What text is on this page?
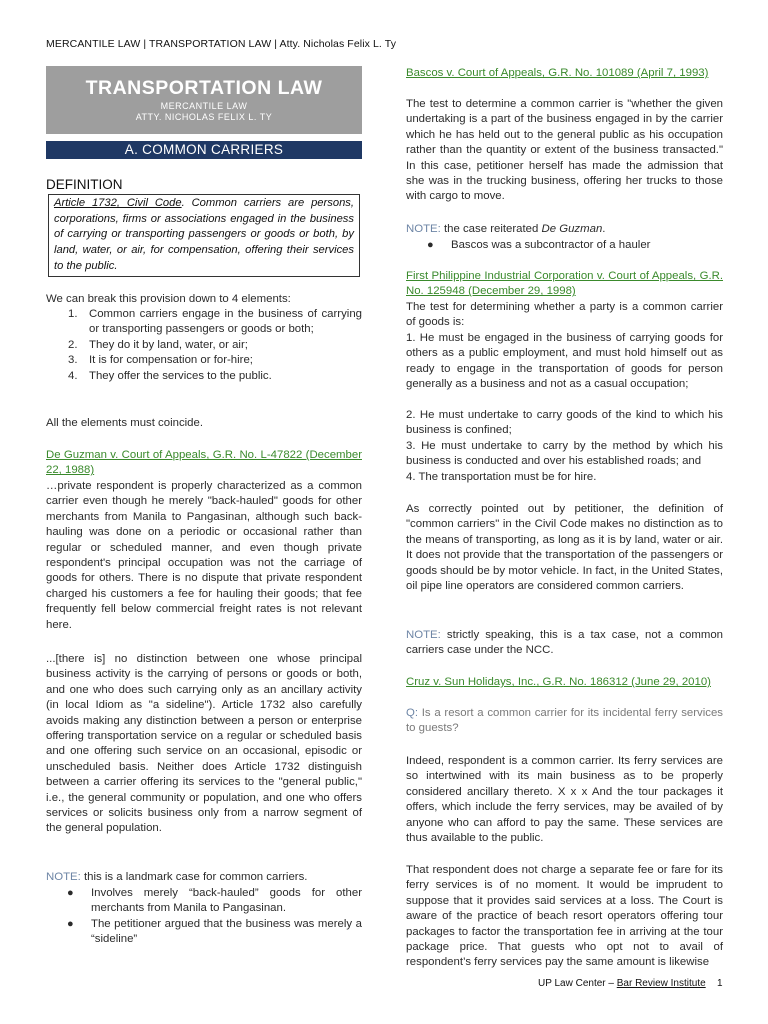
MERCANTILE LAW | TRANSPORTATION LAW | Atty. Nicholas Felix L. Ty
TRANSPORTATION LAW
MERCANTILE LAW
ATTY. NICHOLAS FELIX L. TY
A. COMMON CARRIERS
DEFINITION
Article 1732, Civil Code. Common carriers are persons, corporations, firms or associations engaged in the business of carrying or transporting passengers or goods or both, by land, water, or air, for compensation, offering their services to the public.
We can break this provision down to 4 elements:
1. Common carriers engage in the business of carrying or transporting passengers or goods or both;
2. They do it by land, water, or air;
3. It is for compensation or for-hire;
4. They offer the services to the public.
All the elements must coincide.
De Guzman v. Court of Appeals, G.R. No. L-47822 (December 22, 1988)
…private respondent is properly characterized as a common carrier even though he merely "back-hauled" goods for other merchants from Manila to Pangasinan, although such back-hauling was done on a periodic or occasional rather than regular or scheduled manner, and even though private respondent's principal occupation was not the carriage of goods for others. There is no dispute that private respondent charged his customers a fee for hauling their goods; that fee frequently fell below commercial freight rates is not relevant here.
...[there is] no distinction between one whose principal business activity is the carrying of persons or goods or both, and one who does such carrying only as an ancillary activity (in local Idiom as "a sideline"). Article 1732 also carefully avoids making any distinction between a person or enterprise offering transportation service on a regular or scheduled basis and one offering such service on an occasional, episodic or unscheduled basis. Neither does Article 1732 distinguish between a carrier offering its services to the "general public," i.e., the general community or population, and one who offers services or solicits business only from a narrow segment of the general population.
NOTE: this is a landmark case for common carriers.
● Involves merely “back-hauled” goods for other merchants from Manila to Pangasinan.
● The petitioner argued that the business was merely a “sideline”
Bascos v. Court of Appeals, G.R. No. 101089 (April 7, 1993)
The test to determine a common carrier is "whether the given undertaking is a part of the business engaged in by the carrier which he has held out to the general public as his occupation rather than the quantity or extent of the business transacted." In this case, petitioner herself has made the admission that she was in the trucking business, offering her trucks to those with cargo to move.
NOTE: the case reiterated De Guzman.
● Bascos was a subcontractor of a hauler
First Philippine Industrial Corporation v. Court of Appeals, G.R. No. 125948 (December 29, 1998)
The test for determining whether a party is a common carrier of goods is:
1. He must be engaged in the business of carrying goods for others as a public employment, and must hold himself out as ready to engage in the transportation of goods for person generally as a business and not as a casual occupation;
2. He must undertake to carry goods of the kind to which his business is confined;
3. He must undertake to carry by the method by which his business is conducted and over his established roads; and
4. The transportation must be for hire.
As correctly pointed out by petitioner, the definition of "common carriers" in the Civil Code makes no distinction as to the means of transporting, as long as it is by land, water or air. It does not provide that the transportation of the passengers or goods should be by motor vehicle. In fact, in the United States, oil pipe line operators are considered common carriers.
NOTE: strictly speaking, this is a tax case, not a common carriers case under the NCC.
Cruz v. Sun Holidays, Inc., G.R. No. 186312 (June 29, 2010)
Q: Is a resort a common carrier for its incidental ferry services to guests?
Indeed, respondent is a common carrier. Its ferry services are so intertwined with its main business as to be properly considered ancillary thereto. X x x And the tour packages it offers, which include the ferry services, may be availed of by anyone who can afford to pay the same. These services are thus available to the public.
That respondent does not charge a separate fee or fare for its ferry services is of no moment. It would be imprudent to suppose that it provides said services at a loss. The Court is aware of the practice of beach resort operators offering tour packages to factor the transportation fee in arriving at the tour package price. That guests who opt not to avail of respondent’s ferry services pay the same amount is likewise
UP Law Center – Bar Review Institute 1
